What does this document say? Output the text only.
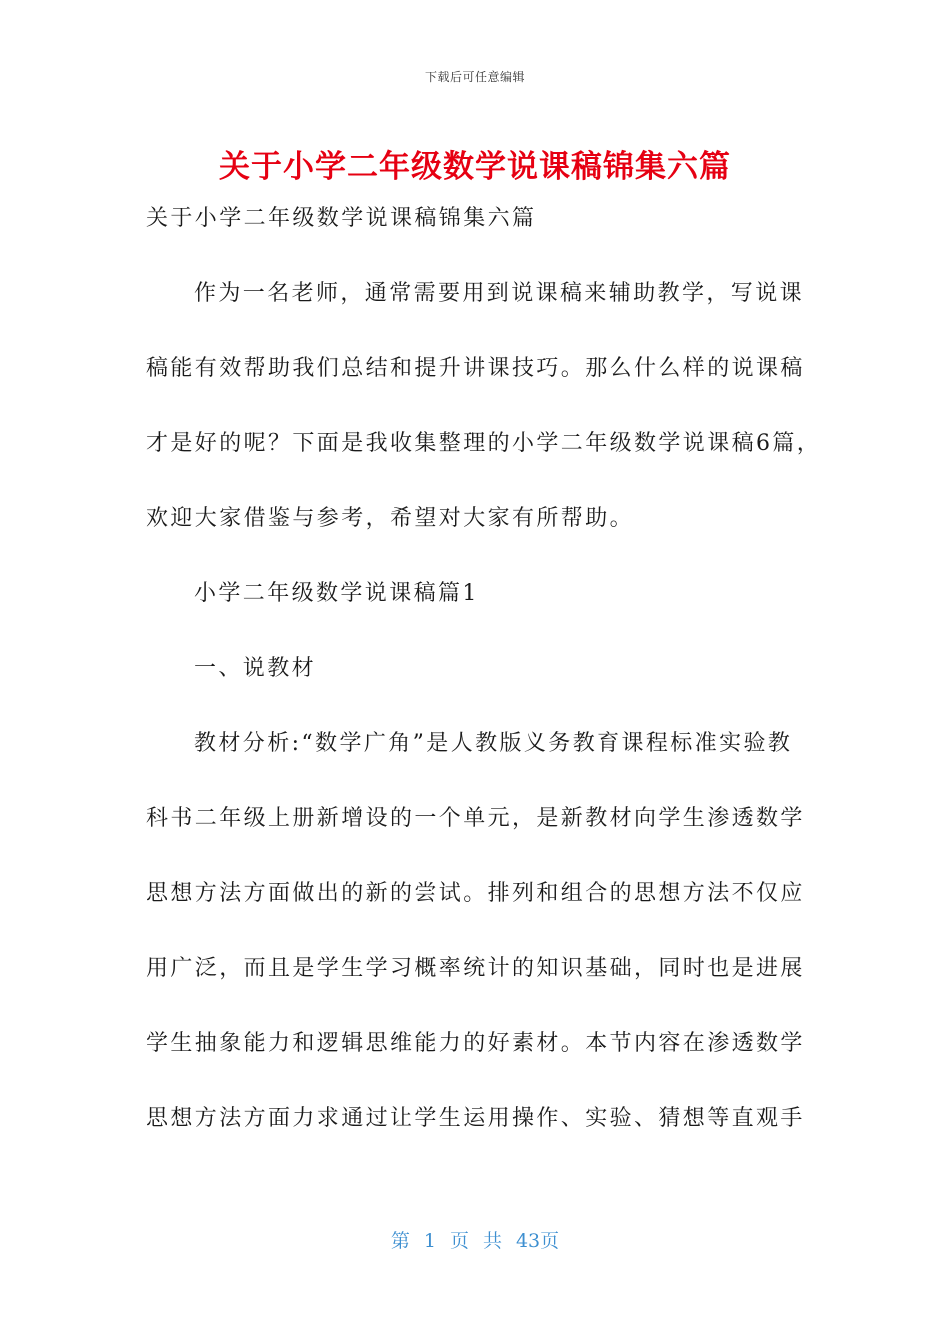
下载后可任意编辑
关于小学二年级数学说课稿锦集六篇
关于小学二年级数学说课稿锦集六篇
作为一名老师，通常需要用到说课稿来辅助教学，写说课
稿能有效帮助我们总结和提升讲课技巧。那么什么样的说课稿
才是好的呢？下面是我收集整理的小学二年级数学说课稿6篇，
欢迎大家借鉴与参考，希望对大家有所帮助。
小学二年级数学说课稿篇1
一、说教材
教材分析:“数学广角”是人教版义务教育课程标准实验教
科书二年级上册新增设的一个单元，是新教材向学生渗透数学
思想方法方面做出的新的尝试。排列和组合的思想方法不仅应
用广泛，而且是学生学习概率统计的知识基础，同时也是进展
学生抽象能力和逻辑思维能力的好素材。本节内容在渗透数学
思想方法方面力求通过让学生运用操作、实验、猜想等直观手
第 1 页 共 43页
